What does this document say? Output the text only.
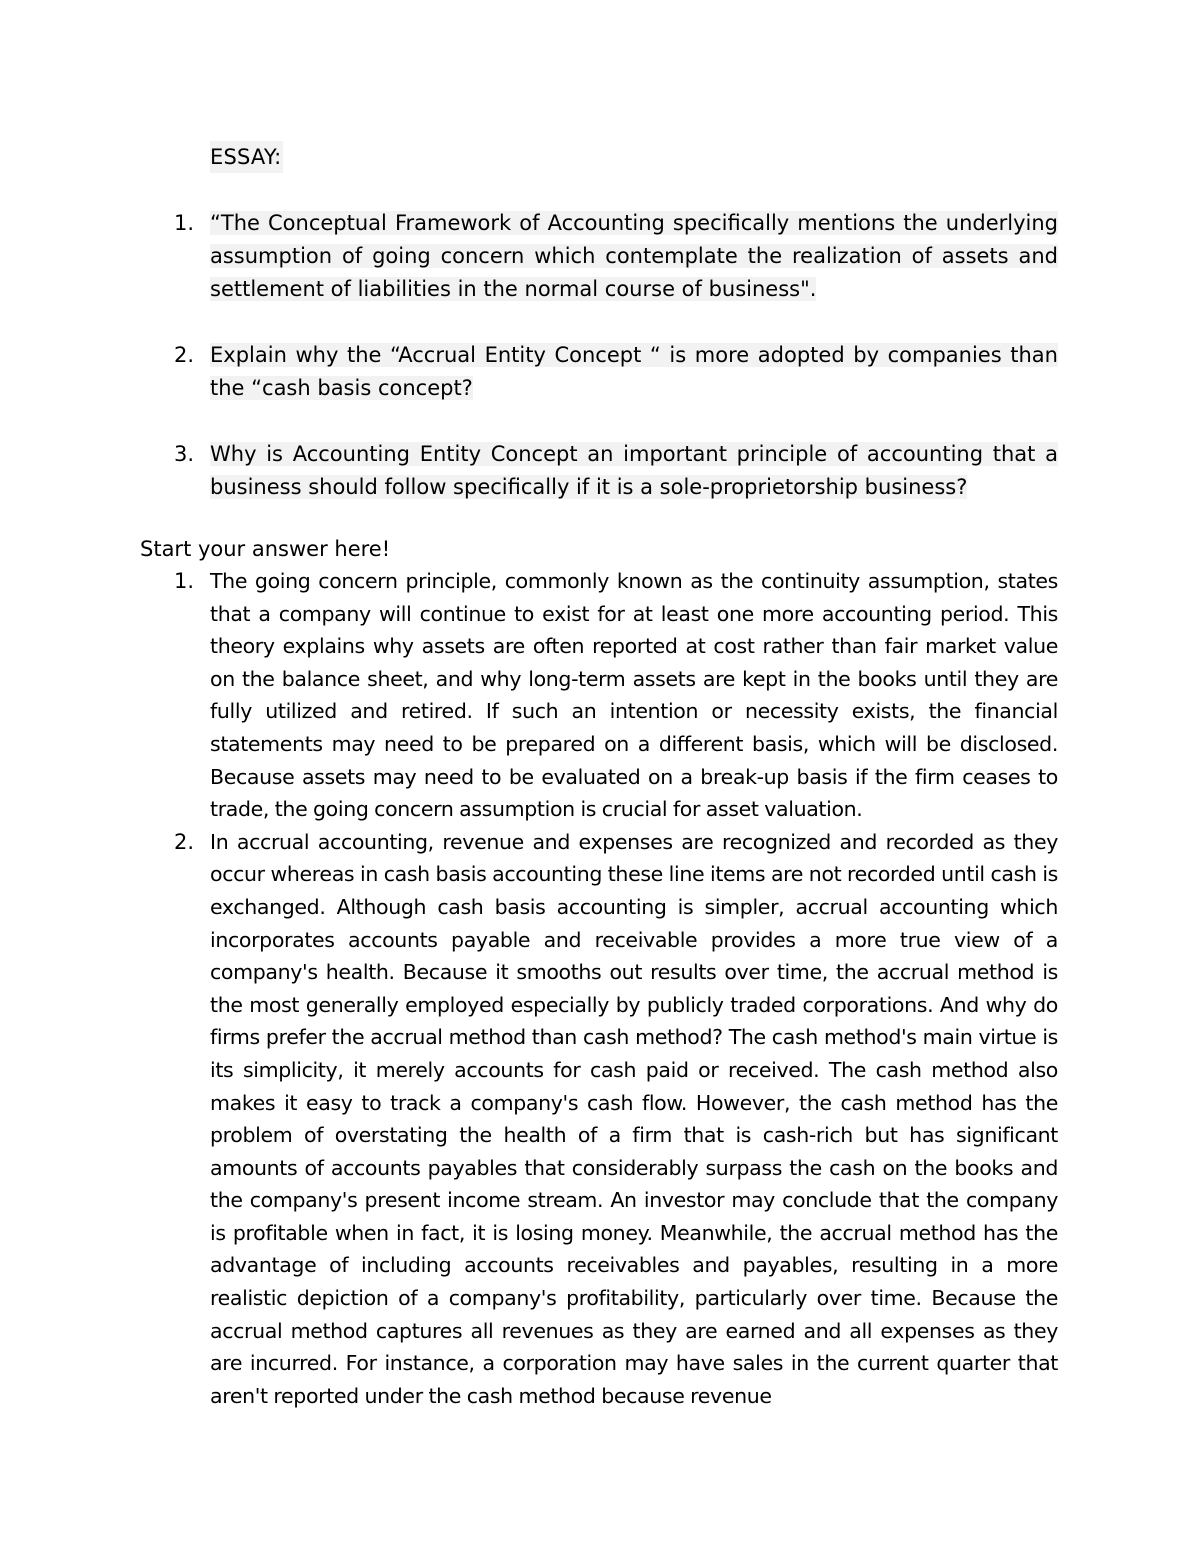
ESSAY:
1. “The Conceptual Framework of Accounting specifically mentions the underlying assumption of going concern which contemplate the realization of assets and settlement of liabilities in the normal course of business".
2. Explain why the “Accrual Entity Concept “ is more adopted by companies than the “cash basis concept?
3. Why is Accounting Entity Concept an important principle of accounting that a business should follow specifically if it is a sole-proprietorship business?
Start your answer here!
1. The going concern principle, commonly known as the continuity assumption, states that a company will continue to exist for at least one more accounting period. This theory explains why assets are often reported at cost rather than fair market value on the balance sheet, and why long-term assets are kept in the books until they are fully utilized and retired. If such an intention or necessity exists, the financial statements may need to be prepared on a different basis, which will be disclosed. Because assets may need to be evaluated on a break-up basis if the firm ceases to trade, the going concern assumption is crucial for asset valuation.
2. In accrual accounting, revenue and expenses are recognized and recorded as they occur whereas in cash basis accounting these line items are not recorded until cash is exchanged. Although cash basis accounting is simpler, accrual accounting which incorporates accounts payable and receivable provides a more true view of a company's health. Because it smooths out results over time, the accrual method is the most generally employed especially by publicly traded corporations. And why do firms prefer the accrual method than cash method? The cash method's main virtue is its simplicity, it merely accounts for cash paid or received. The cash method also makes it easy to track a company's cash flow. However, the cash method has the problem of overstating the health of a firm that is cash-rich but has significant amounts of accounts payables that considerably surpass the cash on the books and the company's present income stream. An investor may conclude that the company is profitable when in fact, it is losing money. Meanwhile, the accrual method has the advantage of including accounts receivables and payables, resulting in a more realistic depiction of a company's profitability, particularly over time. Because the accrual method captures all revenues as they are earned and all expenses as they are incurred. For instance, a corporation may have sales in the current quarter that aren't reported under the cash method because revenue
